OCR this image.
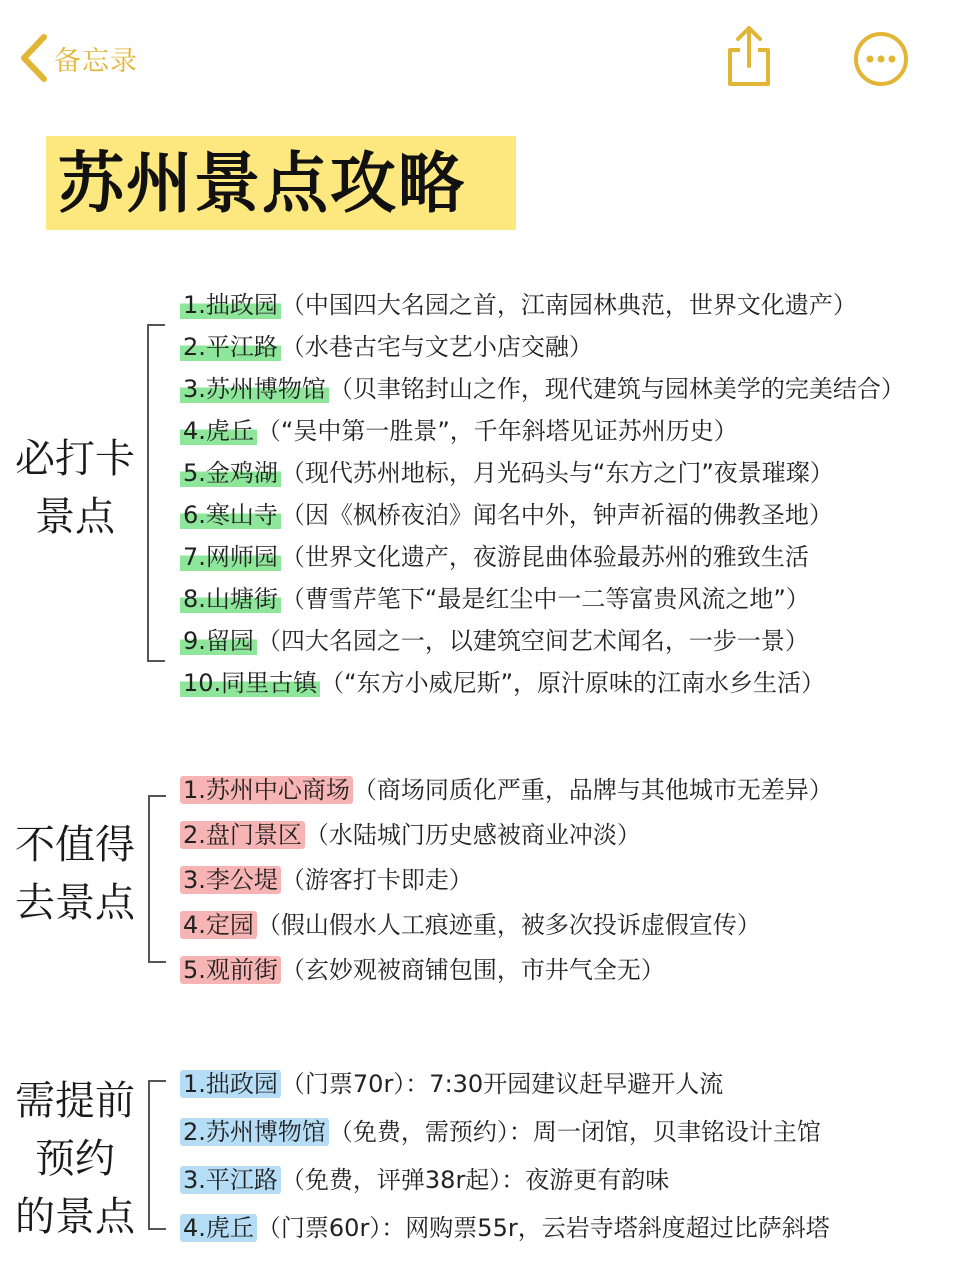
备忘录
苏州景点攻略
必打卡
景点
1.拙政园 （中国四大名园之首，江南园林典范，世界文化遗产）
2.平江路 （水巷古宅与文艺小店交融）
3.苏州博物馆 （贝聿铭封山之作，现代建筑与园林美学的完美结合）
4.虎丘 （“吴中第一胜景”，千年斜塔见证苏州历史）
5.金鸡湖 （现代苏州地标，月光码头与“东方之门”夜景璀璨）
6.寒山寺 （因《枫桥夜泊》闻名中外，钟声祈福的佛教圣地）
7.网师园 （世界文化遗产，夜游昆曲体验最苏州的雅致生活
8.山塘街 （曹雪芹笔下“最是红尘中一二等富贵风流之地”）
9.留园 （四大名园之一，以建筑空间艺术闻名，一步一景）
10.同里古镇 （“东方小威尼斯”，原汁原味的江南水乡生活）
不值得
去景点
1.苏州中心商场 （商场同质化严重，品牌与其他城市无差异）
2.盘门景区 （水陆城门历史感被商业冲淡）
3.李公堤 （游客打卡即走）
4.定园 （假山假水人工痕迹重，被多次投诉虚假宣传）
5.观前街 （玄妙观被商铺包围，市井气全无）
需提前
预约
的景点
1.拙政园 （门票70r）：7:30开园建议赶早避开人流
2.苏州博物馆 （免费，需预约）：周一闭馆，贝聿铭设计主馆
3.平江路 （免费，评弹38r起）：夜游更有韵味
4.虎丘 （门票60r）：网购票55r，云岩寺塔斜度超过比萨斜塔
